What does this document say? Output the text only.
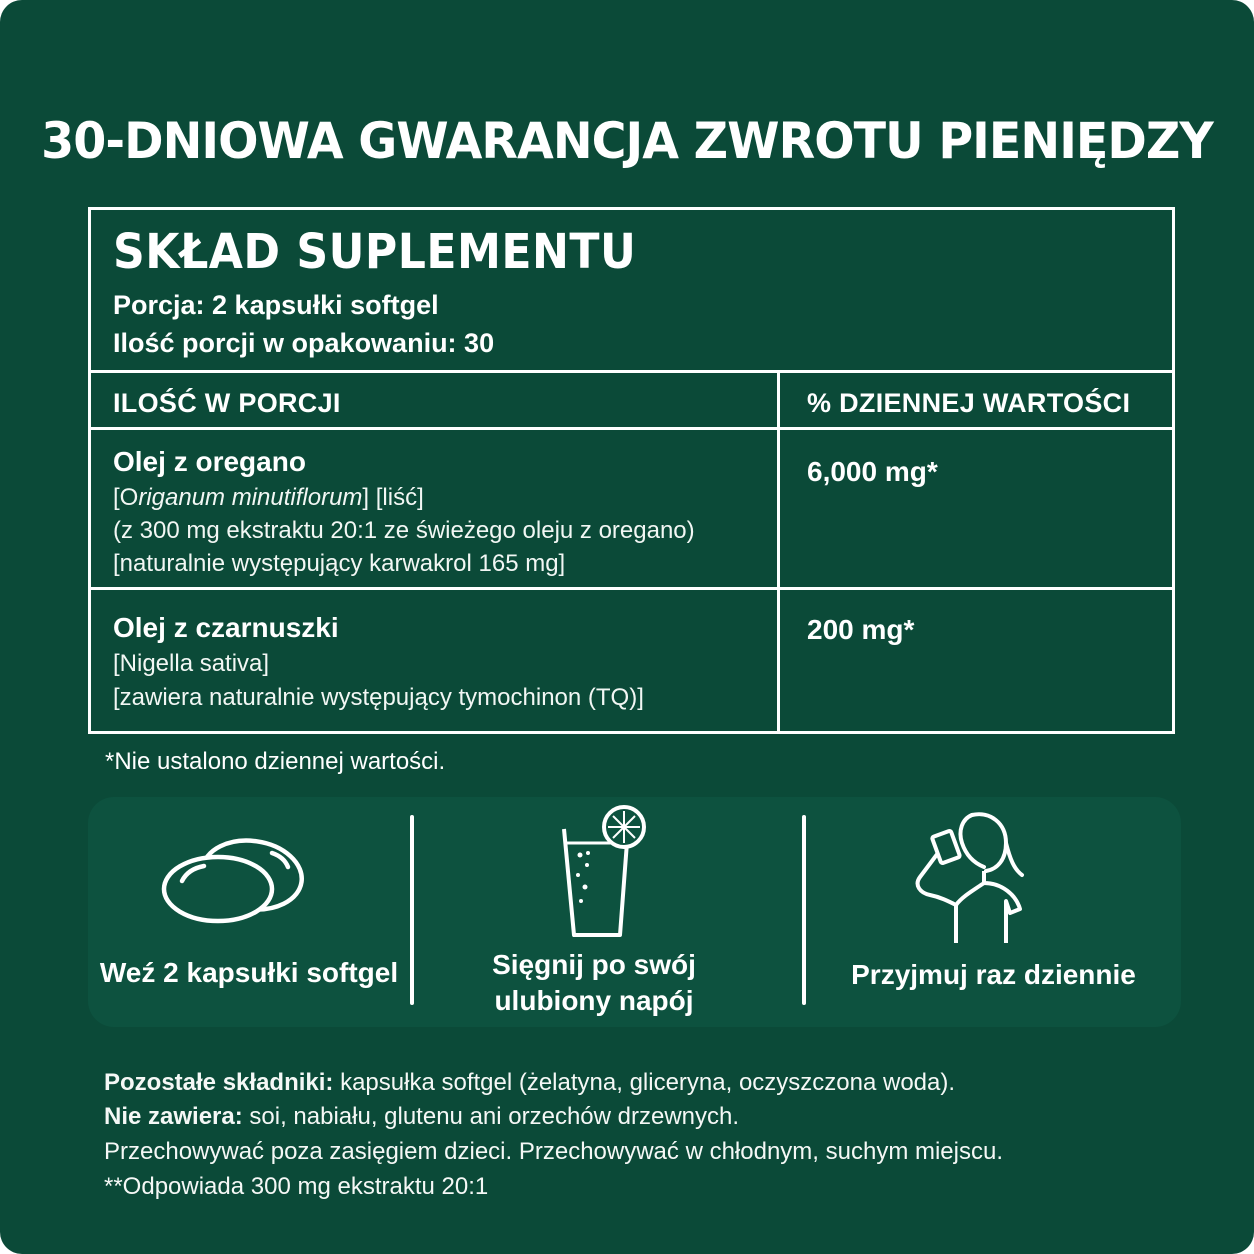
30-DNIOWA GWARANCJA ZWROTU PIENIĘDZY
SKŁAD SUPLEMENTU
Porcja: 2 kapsułki softgel
Ilość porcji w opakowaniu: 30
ILOŚĆ W PORCJI	% DZIENNEJ WARTOŚCI
Olej z oregano
[Origanum minutiflorum] [liść]
(z 300 mg ekstraktu 20:1 ze świeżego oleju z oregano)
[naturalnie występujący karwakrol 165 mg]
6,000 mg*
Olej z czarnuszki
[Nigella sativa]
[zawiera naturalnie występujący tymochinon (TQ)]
200 mg*
*Nie ustalono dziennej wartości.
Weź 2 kapsułki softgel	Sięgnij po swój
ulubiony napój
Przyjmuj raz dziennie
Pozostałe składniki: kapsułka softgel (żelatyna, gliceryna, oczyszczona woda).
Nie zawiera: soi, nabiału, glutenu ani orzechów drzewnych.
Przechowywać poza zasięgiem dzieci. Przechowywać w chłodnym, suchym miejscu.
**Odpowiada 300 mg ekstraktu 20:1
